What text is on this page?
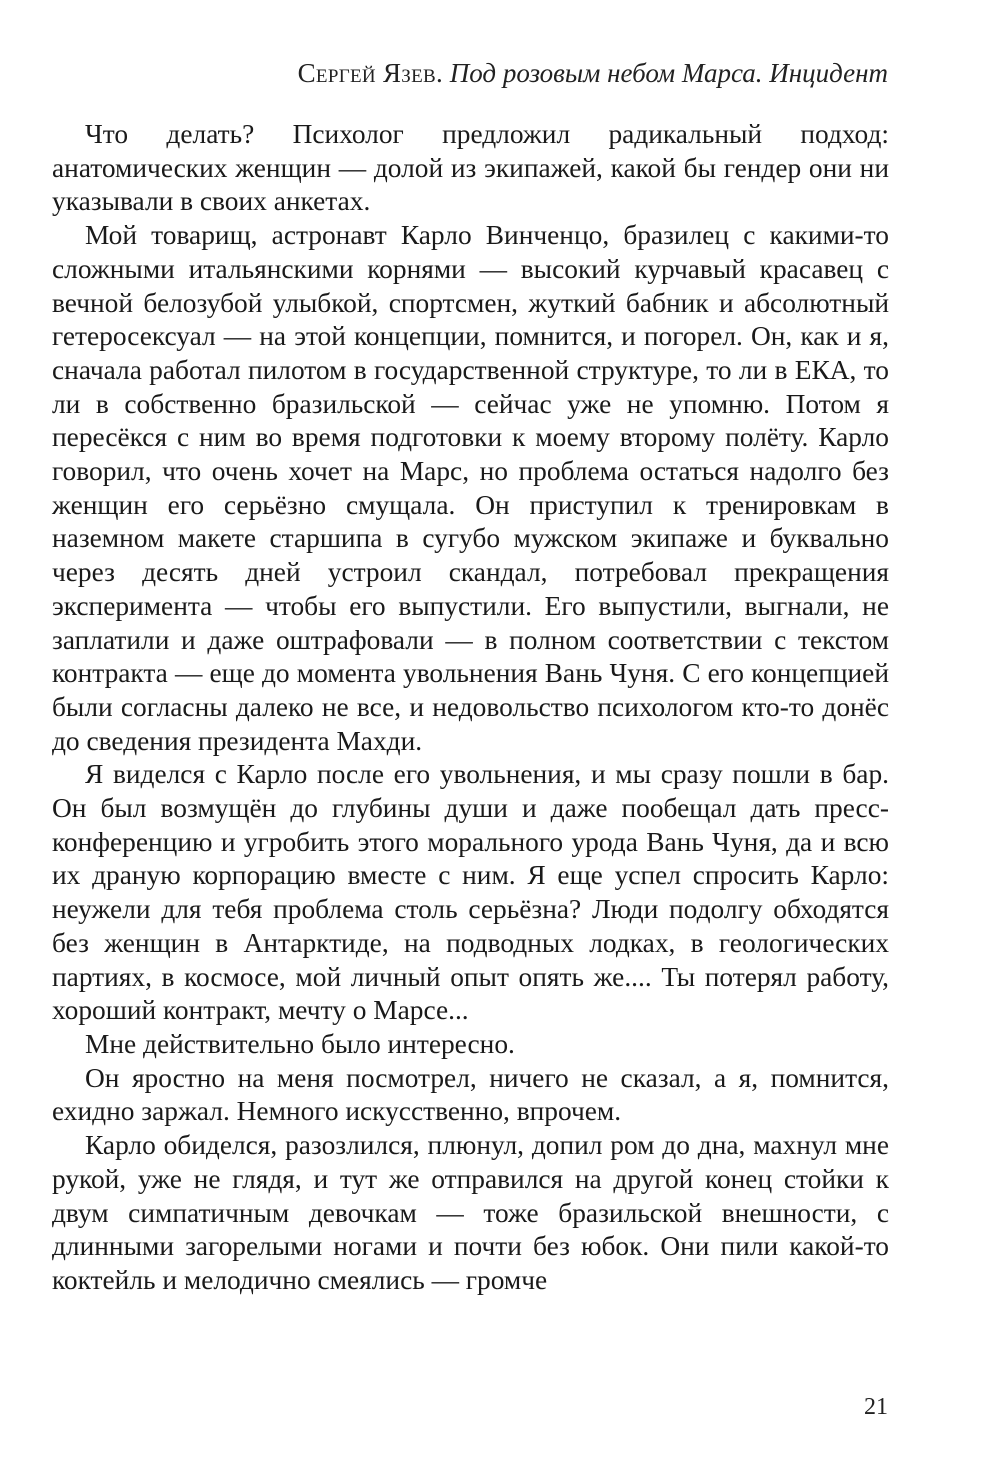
Сергей Язев. Под розовым небом Марса. Инцидент

Что делать? Психолог предложил радикальный подход: анатомических женщин — долой из экипажей, какой бы гендер они ни указывали в своих анкетах.

Мой товарищ, астронавт Карло Винченцо, бразилец с какими-то сложными итальянскими корнями — высокий курчавый красавец с вечной белозубой улыбкой, спортсмен, жуткий бабник и абсолютный гетеросексуал — на этой концепции, помнится, и погорел. Он, как и я, сначала работал пилотом в государственной структуре, то ли в ЕКА, то ли в собственно бразильской — сейчас уже не упомню. Потом я пересёкся с ним во время подготовки к моему второму полёту. Карло говорил, что очень хочет на Марс, но проблема остаться надолго без женщин его серьёзно смущала. Он приступил к тренировкам в наземном макете старшипа в сугубо мужском экипаже и буквально через десять дней устроил скандал, потребовал прекращения эксперимента — чтобы его выпустили. Его выпустили, выгнали, не заплатили и даже оштрафовали — в полном соответствии с текстом контракта — еще до момента увольнения Вань Чуня. С его концепцией были согласны далеко не все, и недовольство психологом кто-то донёс до сведения президента Махди.

Я виделся с Карло после его увольнения, и мы сразу пошли в бар. Он был возмущён до глубины души и даже пообещал дать пресс-конференцию и угробить этого морального урода Вань Чуня, да и всю их драную корпорацию вместе с ним. Я еще успел спросить Карло: неужели для тебя проблема столь серьёзна? Люди подолгу обходятся без женщин в Антарктиде, на подводных лодках, в геологических партиях, в космосе, мой личный опыт опять же.... Ты потерял работу, хороший контракт, мечту о Марсе...

Мне действительно было интересно.

Он яростно на меня посмотрел, ничего не сказал, а я, помнится, ехидно заржал. Немного искусственно, впрочем.

Карло обиделся, разозлился, плюнул, допил ром до дна, махнул мне рукой, уже не глядя, и тут же отправился на другой конец стойки к двум симпатичным девочкам — тоже бразильской внешности, с длинными загорелыми ногами и почти без юбок. Они пили какой-то коктейль и мелодично смеялись — громче

21
